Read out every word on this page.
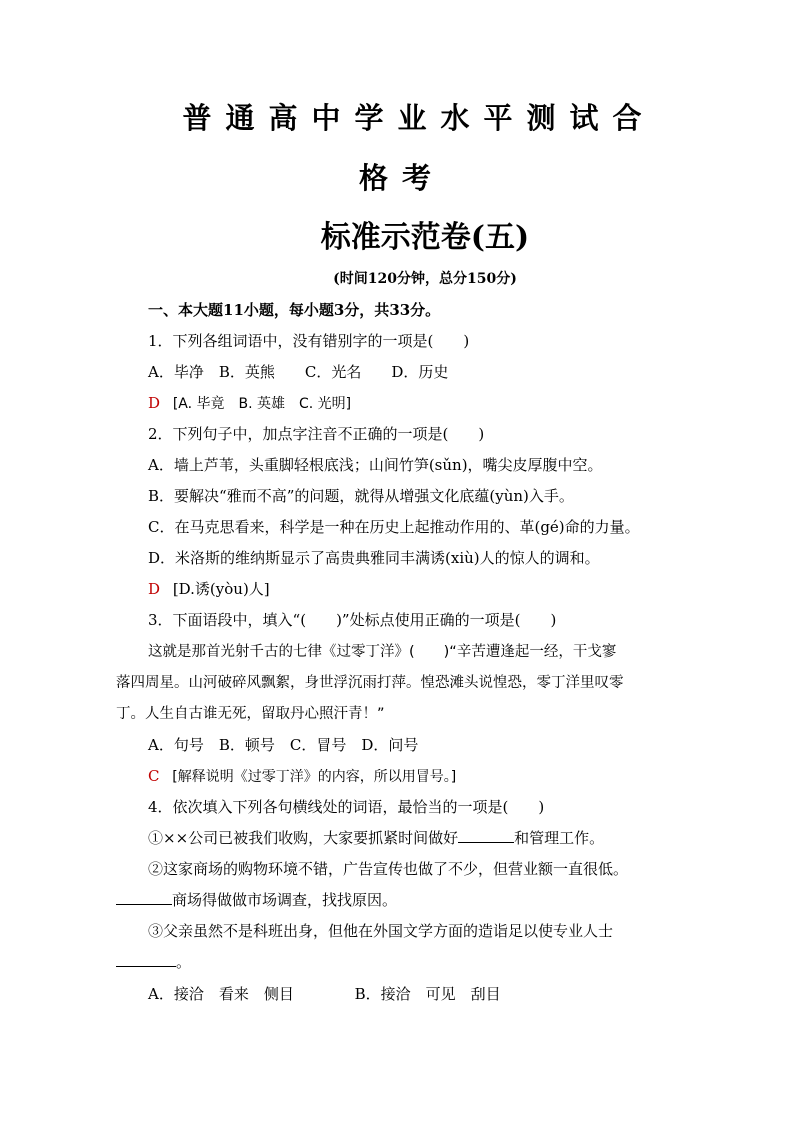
普通高中学业水平测试合
格考
标准示范卷(五)
(时间120分钟，总分150分)
一、本大题11小题，每小题3分，共33分。
1．下列各组词语中，没有错别字的一项是(　　)
A．毕净　B．英熊　　C．光名　　D．历史
D [A. 毕竟　B. 英雄　C. 光明]
2．下列句子中，加点字注音不正确的一项是(　　)
A．墙上芦苇，头重脚轻根底浅；山间竹笋(sǔn)，嘴尖皮厚腹中空。
B．要解决“雅而不高”的问题，就得从增强文化底蕴(yùn)入手。
C．在马克思看来，科学是一种在历史上起推动作用的、革(gé)命的力量。
D．米洛斯的维纳斯显示了高贵典雅同丰满诱(xiù)人的惊人的调和。
D [D.诱(yòu)人]
3．下面语段中，填入“(　　)”处标点使用正确的一项是(　　)
这就是那首光射千古的七律《过零丁洋》(　　)“辛苦遭逢起一经，干戈寥
落四周星。山河破碎风飘絮，身世浮沉雨打萍。惶恐滩头说惶恐，零丁洋里叹零
丁。人生自古谁无死，留取丹心照汗青！”
A．句号　B．顿号　C．冒号　D．问号
C [解释说明《过零丁洋》的内容，所以用冒号。]
4．依次填入下列各句横线处的词语，最恰当的一项是(　　)
①××公司已被我们收购，大家要抓紧时间做好	和管理工作。
②这家商场的购物环境不错，广告宣传也做了不少，但营业额一直很低。
商场得做做市场调查，找找原因。
③父亲虽然不是科班出身，但他在外国文学方面的造诣足以使专业人士
。
A．接洽　看来　侧目	B．接洽　可见　刮目
